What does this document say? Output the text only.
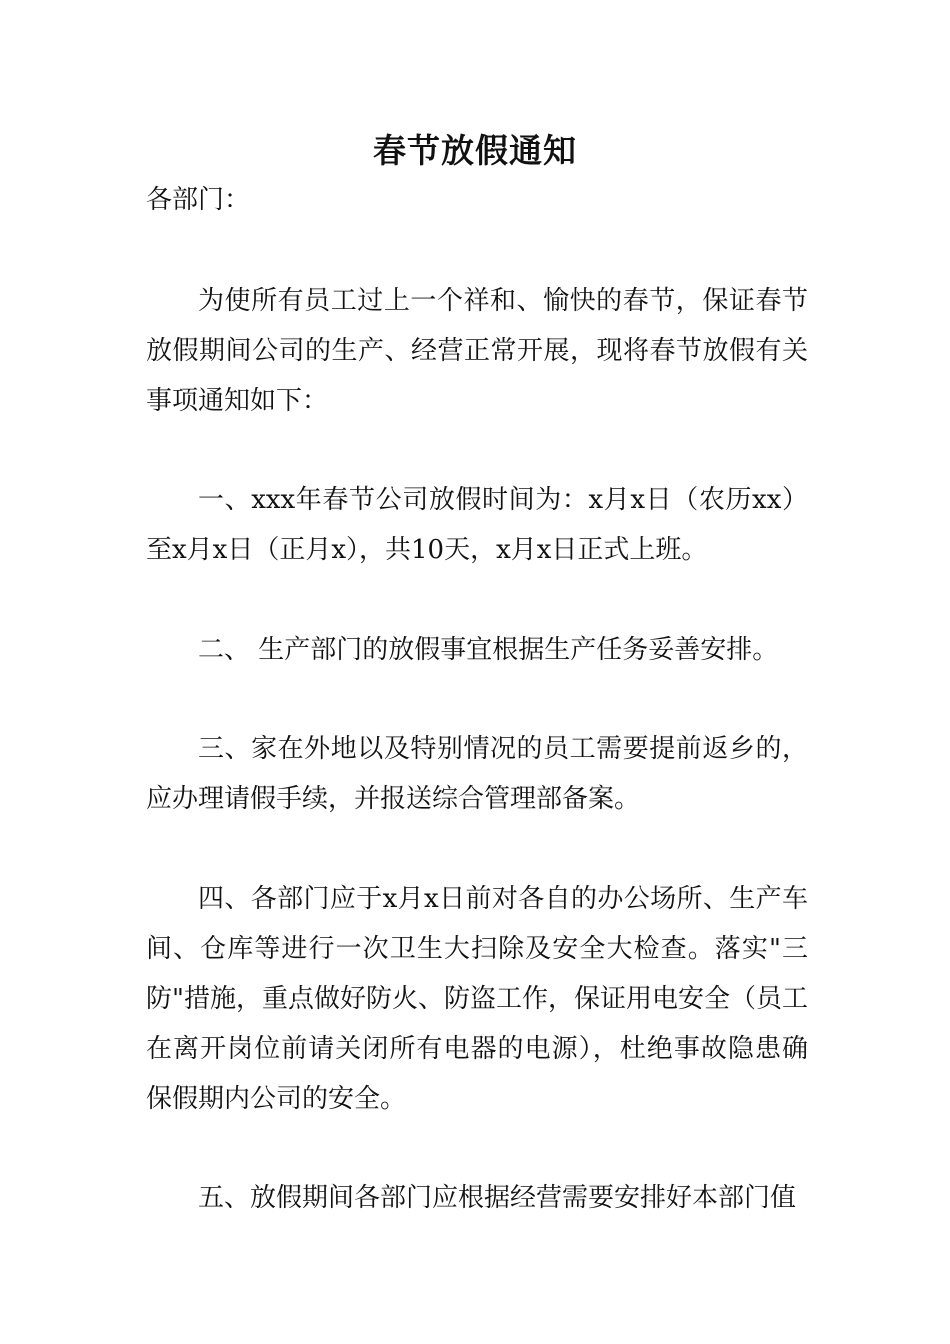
春节放假通知

各部门：

为使所有员工过上一个祥和、愉快的春节，保证春节放假期间公司的生产、经营正常开展，现将春节放假有关事项通知如下：

一、xxx年春节公司放假时间为：x月x日（农历xx）至x月x日（正月x），共10天，x月x日正式上班。

二、 生产部门的放假事宜根据生产任务妥善安排。

三、家在外地以及特别情况的员工需要提前返乡的，应办理请假手续，并报送综合管理部备案。

四、各部门应于x月x日前对各自的办公场所、生产车间、仓库等进行一次卫生大扫除及安全大检查。落实"三防"措施，重点做好防火、防盗工作，保证用电安全（员工在离开岗位前请关闭所有电器的电源），杜绝事故隐患确保假期内公司的安全。

五、放假期间各部门应根据经营需要安排好本部门值
